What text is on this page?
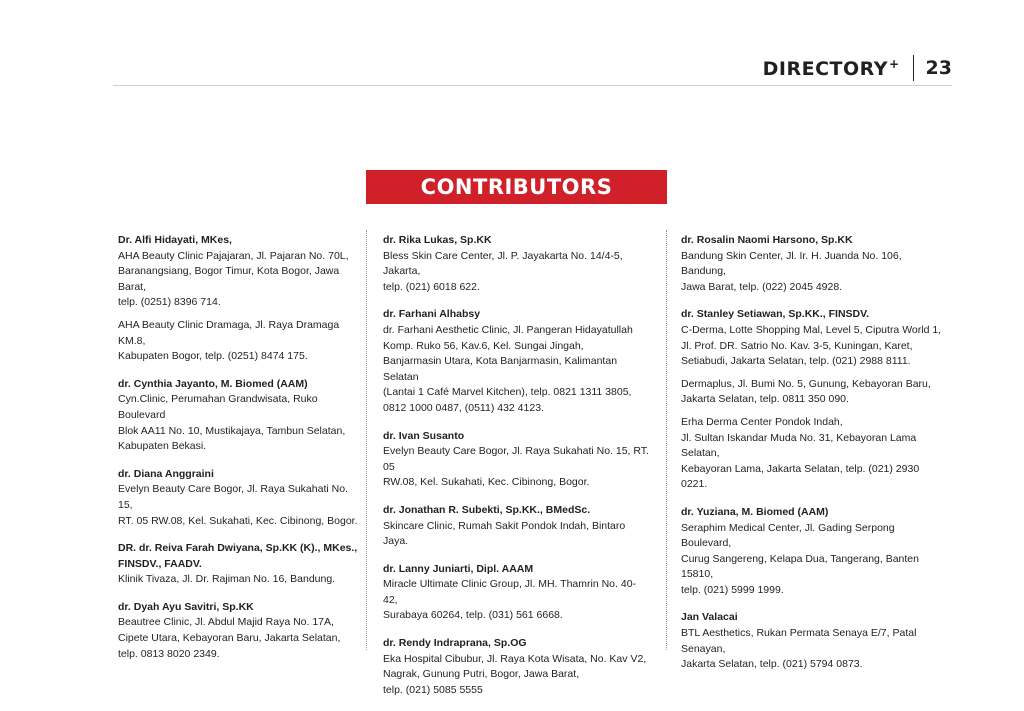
DIRECTORY+ 23
CONTRIBUTORS
Dr. Alfi Hidayati, MKes,
AHA Beauty Clinic Pajajaran, Jl. Pajaran No. 70L,
Baranangsiang, Bogor Timur, Kota Bogor, Jawa Barat,
telp. (0251) 8396 714.
AHA Beauty Clinic Dramaga, Jl. Raya Dramaga KM.8,
Kabupaten Bogor, telp. (0251) 8474 175.
dr. Cynthia Jayanto, M. Biomed (AAM)
Cyn.Clinic, Perumahan Grandwisata, Ruko Boulevard
Blok AA11 No. 10, Mustikajaya, Tambun Selatan,
Kabupaten Bekasi.
dr. Diana Anggraini
Evelyn Beauty Care Bogor, Jl. Raya Sukahati No. 15,
RT. 05 RW.08, Kel. Sukahati, Kec. Cibinong, Bogor.
DR. dr. Reiva Farah Dwiyana, Sp.KK (K)., MKes., FINSDV., FAADV.
Klinik Tivaza, Jl. Dr. Rajiman No. 16, Bandung.
dr. Dyah Ayu Savitri, Sp.KK
Beautree Clinic, Jl. Abdul Majid Raya No. 17A,
Cipete Utara, Kebayoran Baru, Jakarta Selatan,
telp. 0813 8020 2349.
dr. Rika Lukas, Sp.KK
Bless Skin Care Center, Jl. P. Jayakarta No. 14/4-5, Jakarta,
telp. (021) 6018 622.
dr. Farhani Alhabsy
dr. Farhani Aesthetic Clinic, Jl. Pangeran Hidayatullah
Komp. Ruko 56, Kav.6, Kel. Sungai Jingah,
Banjarmasin Utara, Kota Banjarmasin, Kalimantan Selatan
(Lantai 1 Café Marvel Kitchen), telp. 0821 1311 3805,
0812 1000 0487, (0511) 432 4123.
dr. Ivan Susanto
Evelyn Beauty Care Bogor, Jl. Raya Sukahati No. 15, RT. 05
RW.08, Kel. Sukahati, Kec. Cibinong, Bogor.
dr. Jonathan R. Subekti, Sp.KK., BMedSc.
Skincare Clinic, Rumah Sakit Pondok Indah, Bintaro Jaya.
dr. Lanny Juniarti, Dipl. AAAM
Miracle Ultimate Clinic Group, Jl. MH. Thamrin No. 40-42,
Surabaya 60264, telp. (031) 561 6668.
dr. Rendy Indraprana, Sp.OG
Eka Hospital Cibubur, Jl. Raya Kota Wisata, No. Kav V2,
Nagrak, Gunung Putri, Bogor, Jawa Barat,
telp. (021) 5085 5555
dr. Rosalin Naomi Harsono, Sp.KK
Bandung Skin Center, Jl. Ir. H. Juanda No. 106, Bandung,
Jawa Barat, telp. (022) 2045 4928.
dr. Stanley Setiawan, Sp.KK., FINSDV.
C-Derma, Lotte Shopping Mal, Level 5, Ciputra World 1,
Jl. Prof. DR. Satrio No. Kav. 3-5, Kuningan, Karet,
Setiabudi, Jakarta Selatan, telp. (021) 2988 8111.
Dermaplus, Jl. Bumi No. 5, Gunung, Kebayoran Baru,
Jakarta Selatan, telp. 0811 350 090.
Erha Derma Center Pondok Indah,
Jl. Sultan Iskandar Muda No. 31, Kebayoran Lama Selatan,
Kebayoran Lama, Jakarta Selatan, telp. (021) 2930 0221.
dr. Yuziana, M. Biomed (AAM)
Seraphim Medical Center, Jl. Gading Serpong Boulevard,
Curug Sangereng, Kelapa Dua, Tangerang, Banten 15810,
telp. (021) 5999 1999.
Jan Valacai
BTL Aesthetics, Rukan Permata Senaya E/7, Patal Senayan,
Jakarta Selatan, telp. (021) 5794 0873.
